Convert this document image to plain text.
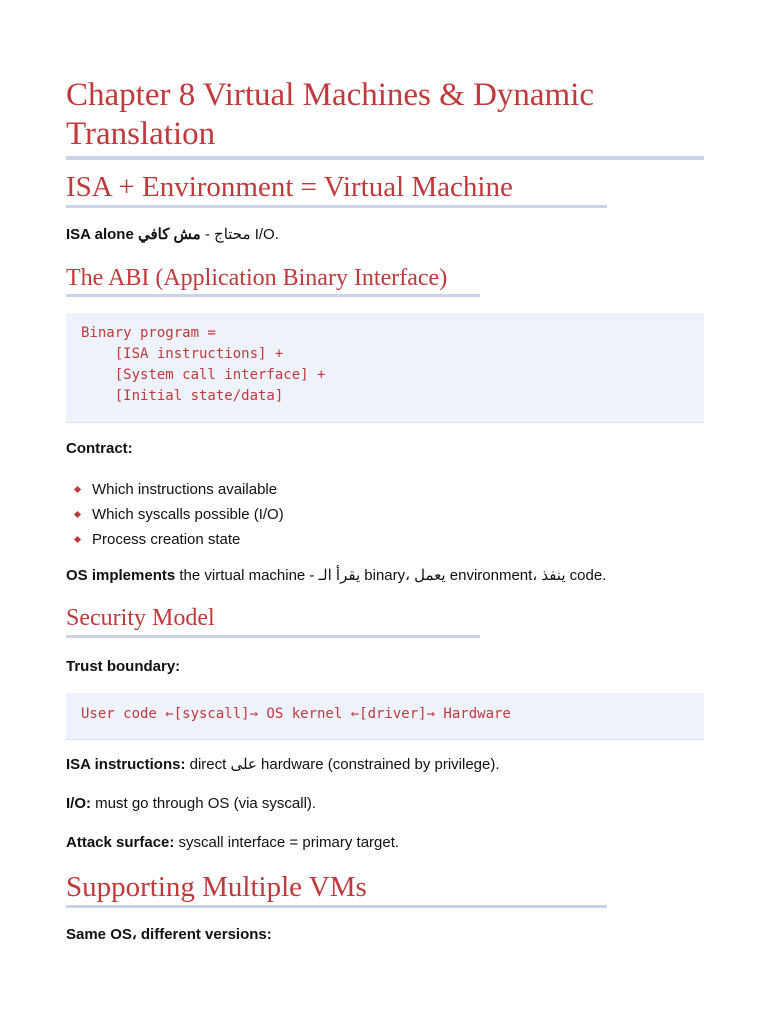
Chapter 8 Virtual Machines & Dynamic Translation
ISA + Environment = Virtual Machine
ISA alone مش كافي - محتاج I/O.
The ABI (Application Binary Interface)
Binary program =
[ISA instructions] +
[System call interface] +
[Initial state/data]
Contract:
Which instructions available
Which syscalls possible (I/O)
Process creation state
OS implements the virtual machine - يقرأ الـ binary، يعمل environment، ينفذ code.
Security Model
Trust boundary:
User code ←[syscall]→ OS kernel ←[driver]→ Hardware
ISA instructions: direct على hardware (constrained by privilege).
I/O: must go through OS (via syscall).
Attack surface: syscall interface = primary target.
Supporting Multiple VMs
Same OS، different versions:
